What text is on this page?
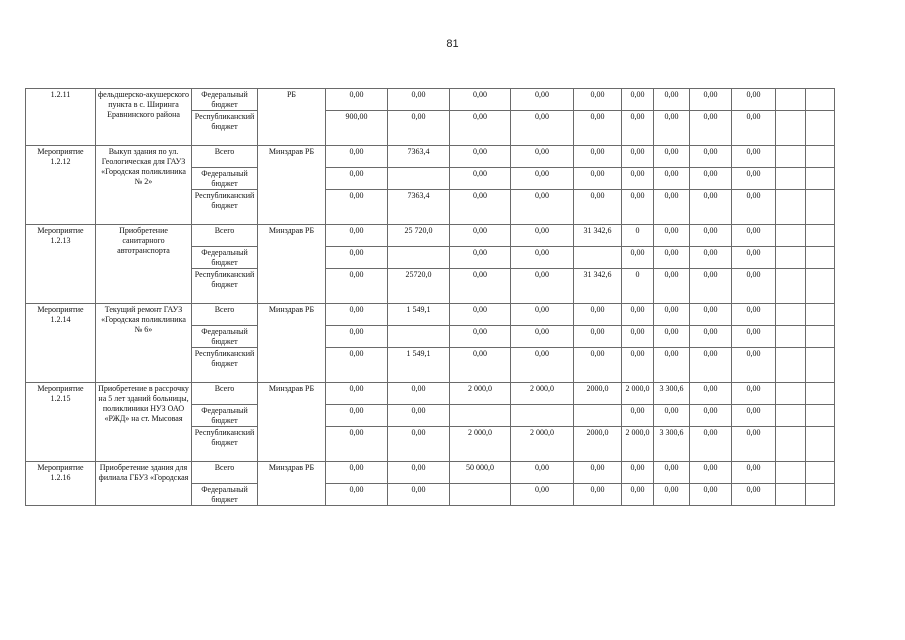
81
1.2.11	фельдшерско-акушерского пункта в с. Ширинга Еравнинского района	Федеральный бюджет	РБ	0,00	0,00	0,00	0,00	0,00	0,00	0,00	0,00	0,00		
		Республиканский бюджет		900,00	0,00	0,00	0,00	0,00	0,00	0,00	0,00	0,00		
Мероприятие 1.2.12	Выкуп здания по ул. Геологическая для ГАУЗ «Городская поликлиника № 2»	Всего	Минздрав РБ	0,00	7363,4	0,00	0,00	0,00	0,00	0,00	0,00	0,00		
		Федеральный бюджет		0,00		0,00	0,00	0,00	0,00	0,00	0,00	0,00		
		Республиканский бюджет		0,00	7363,4	0,00	0,00	0,00	0,00	0,00	0,00	0,00		
Мероприятие 1.2.13	Приобретение санитарного автотранспорта	Всего	Минздрав РБ	0,00	25 720,0	0,00	0,00	31 342,6	0	0,00	0,00	0,00		
		Федеральный бюджет		0,00		0,00	0,00		0,00	0,00	0,00	0,00		
		Республиканский бюджет		0,00	25720,0	0,00	0,00	31 342,6	0	0,00	0,00	0,00		
Мероприятие 1.2.14	Текущий ремонт ГАУЗ «Городская поликлиника № 6»	Всего	Минздрав РБ	0,00	1 549,1	0,00	0,00	0,00	0,00	0,00	0,00	0,00		
		Федеральный бюджет		0,00		0,00	0,00	0,00	0,00	0,00	0,00	0,00		
		Республиканский бюджет		0,00	1 549,1	0,00	0,00	0,00	0,00	0,00	0,00	0,00		
Мероприятие 1.2.15	Приобретение в рассрочку на 5 лет зданий больницы, поликлиники НУЗ ОАО «РЖД» на ст. Мысовая	Всего	Минздрав РБ	0,00	0,00	2 000,0	2 000,0	2000,0	2 000,0	3 300,6	0,00	0,00		
		Федеральный бюджет		0,00	0,00				0,00	0,00	0,00	0,00		
		Республиканский бюджет		0,00	0,00	2 000,0	2 000,0	2000,0	2 000,0	3 300,6	0,00	0,00		
Мероприятие 1.2.16	Приобретение здания для филиала ГБУЗ «Городская	Всего	Минздрав РБ	0,00	0,00	50 000,0	0,00	0,00	0,00	0,00	0,00	0,00		
		Федеральный бюджет		0,00	0,00		0,00	0,00	0,00	0,00	0,00	0,00		
